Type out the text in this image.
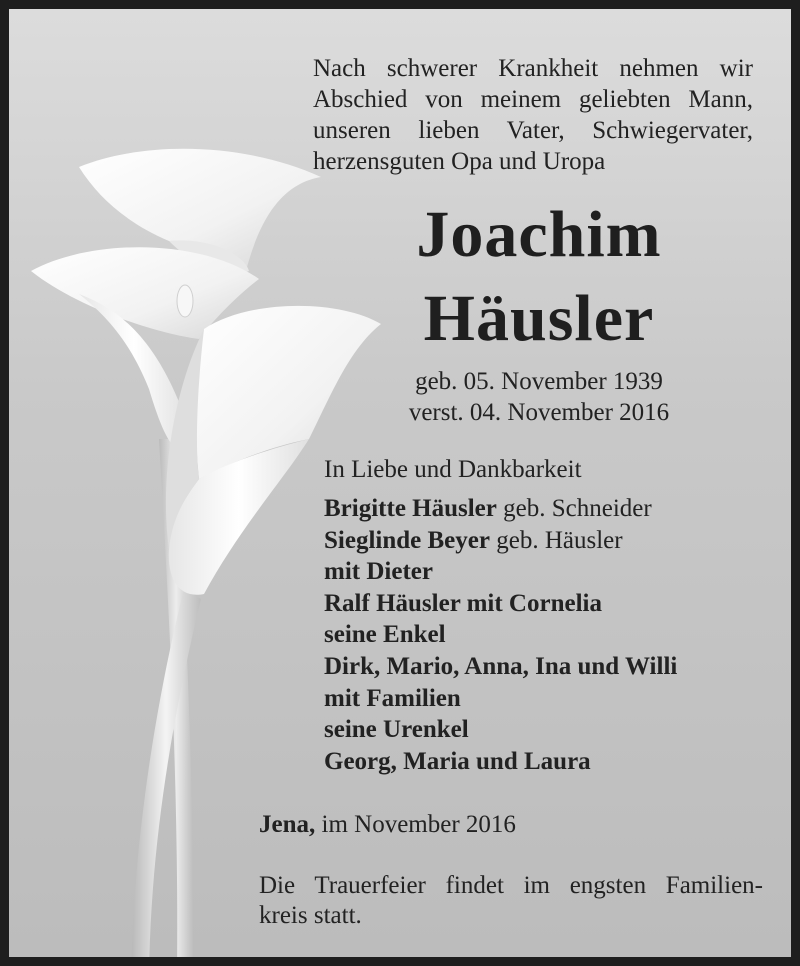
Nach schwerer Krankheit nehmen wir
Abschied von meinem geliebten Mann,
unseren lieben Vater, Schwiegervater,
herzensguten Opa und Uropa
Joachim
Häusler
geb. 05. November 1939
verst. 04. November 2016
In Liebe und Dankbarkeit
Brigitte Häusler geb. Schneider
Sieglinde Beyer geb. Häusler
mit Dieter
Ralf Häusler mit Cornelia
seine Enkel
Dirk, Mario, Anna, Ina und Willi
mit Familien
seine Urenkel
Georg, Maria und Laura
Jena, im November 2016
Die Trauerfeier findet im engsten Familien-
kreis statt.
